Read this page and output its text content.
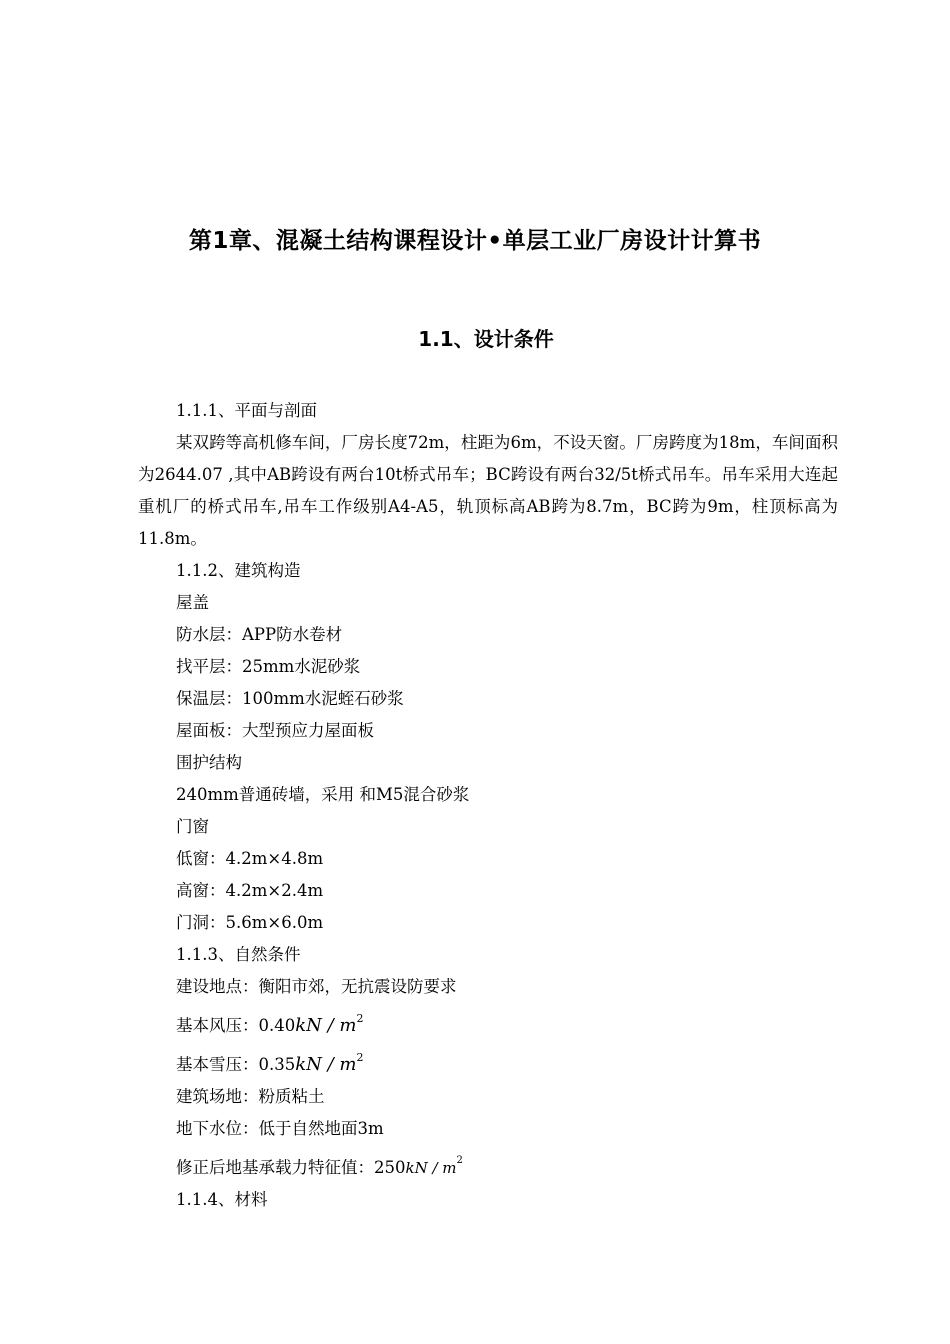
第1章、混凝土结构课程设计•单层工业厂房设计计算书
1.1、设计条件
1.1.1、平面与剖面
某双跨等高机修车间，厂房长度72m，柱距为6m，不设天窗。厂房跨度为18m，车间面积为2644.07 ,其中AB跨设有两台10t桥式吊车；BC跨设有两台32/5t桥式吊车。吊车采用大连起重机厂的桥式吊车,吊车工作级别A4-A5，轨顶标高AB跨为8.7m，BC跨为9m，柱顶标高为11.8m。
1.1.2、建筑构造
屋盖
防水层：APP防水卷材
找平层：25mm水泥砂浆
保温层：100mm水泥蛭石砂浆
屋面板：大型预应力屋面板
围护结构
240mm普通砖墙，采用 和M5混合砂浆
门窗
低窗：4.2m×4.8m
高窗：4.2m×2.4m
门洞：5.6m×6.0m
1.1.3、自然条件
建设地点：衡阳市郊，无抗震设防要求
基本风压：$0.40kN / m^2$
基本雪压：$0.35kN / m^2$
建筑场地：粉质粘土
地下水位：低于自然地面3m
修正后地基承载力特征值：$250kN / m^2$
1.1.4、材料
